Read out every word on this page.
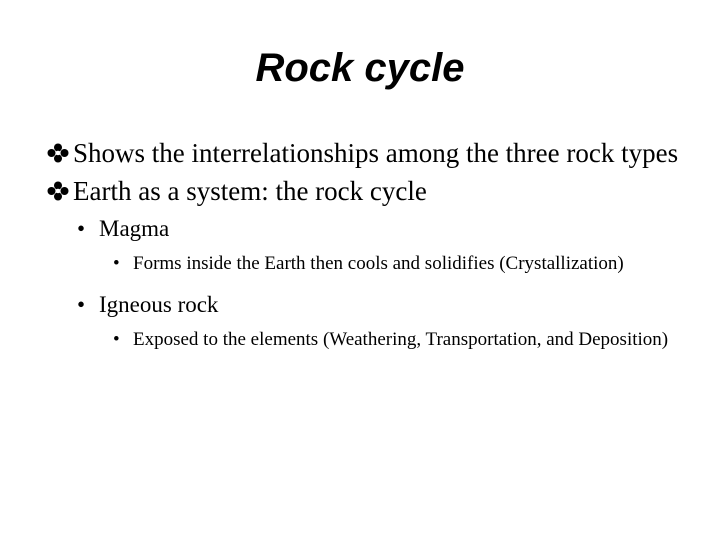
Rock cycle
Shows the interrelationships among the three rock types
Earth as a system: the rock cycle
• Magma
• Forms inside the Earth then cools and solidifies (Crystallization)
• Igneous rock
• Exposed to the elements (Weathering, Transportation, and Deposition)
